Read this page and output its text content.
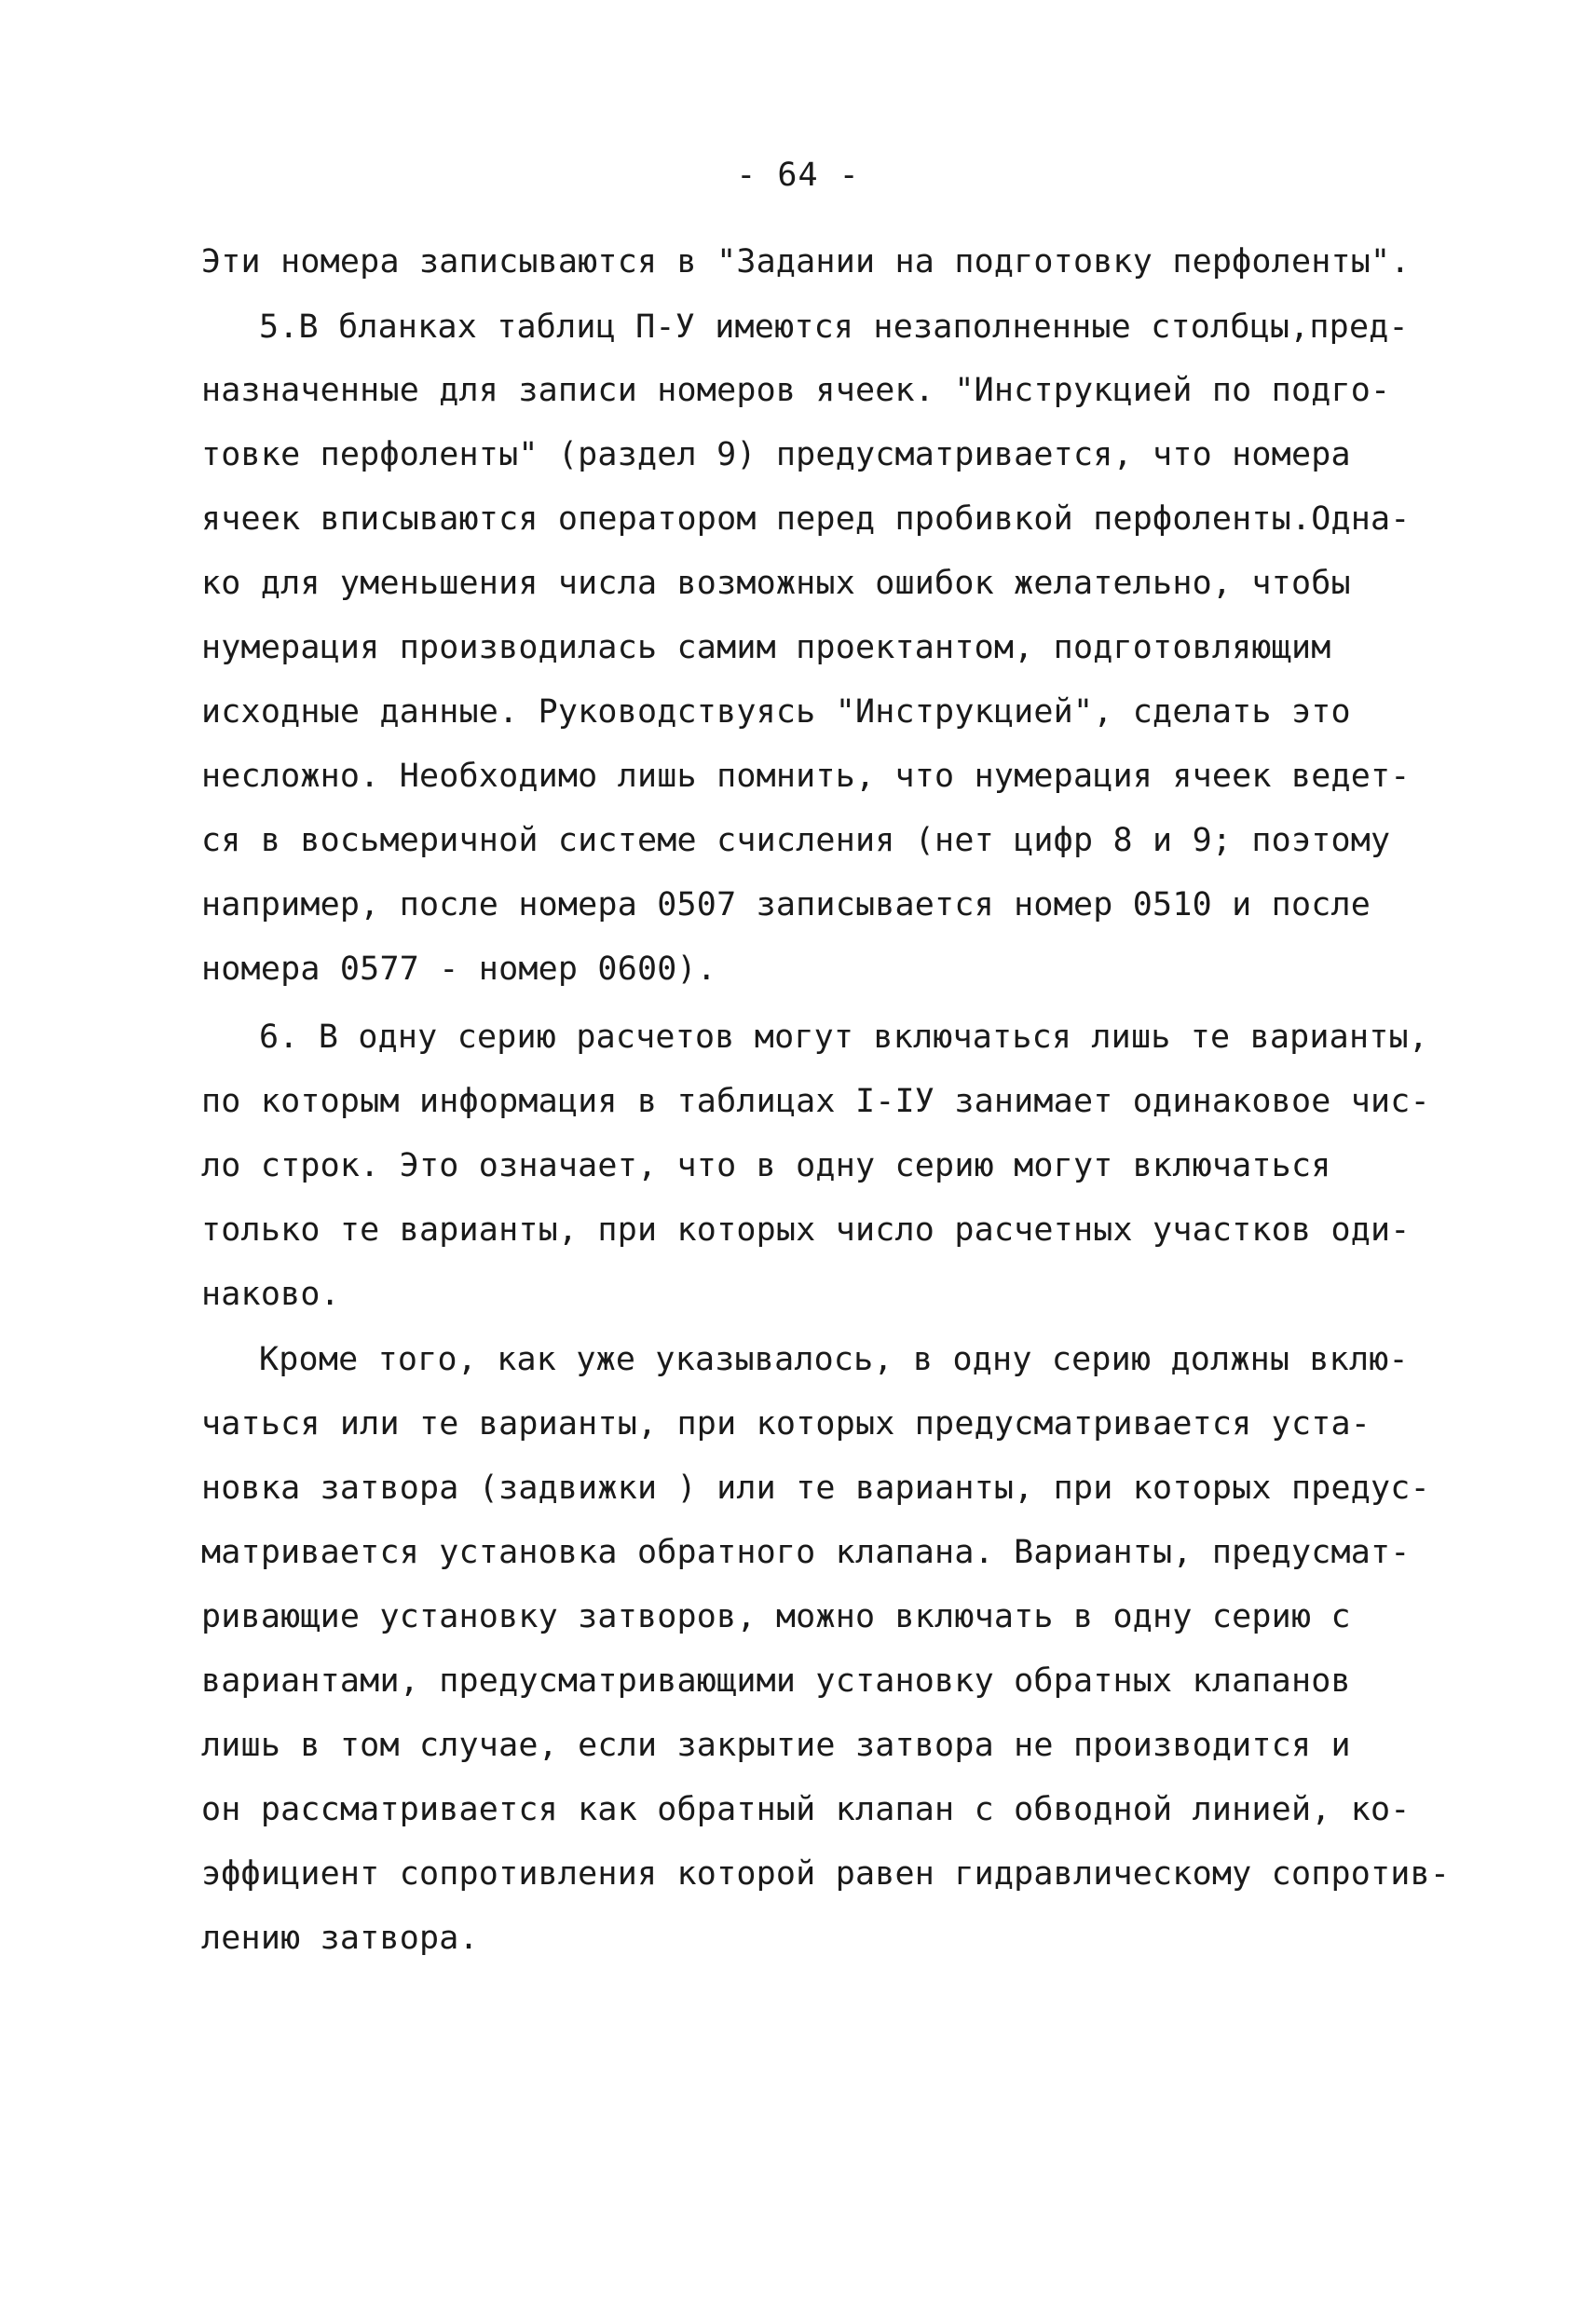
- 64 -
Эти номера записываются в "Задании на подготовку перфоленты".
5.В бланках таблиц П-У имеются незаполненные столбцы,пред-
назначенные для записи номеров ячеек. "Инструкцией по подго-
товке перфоленты" (раздел 9) предусматривается, что номера
ячеек вписываются оператором перед пробивкой перфоленты.Одна-
ко для уменьшения числа возможных ошибок желательно, чтобы
нумерация производилась самим проектантом, подготовляющим
исходные данные. Руководствуясь "Инструкцией", сделать это
несложно. Необходимо лишь помнить, что нумерация ячеек ведет-
ся в восьмеричной системе счисления (нет цифр 8 и 9; поэтому
например, после номера 0507 записывается номер 0510 и после
номера 0577 - номер 0600).
6. В одну серию расчетов могут включаться лишь те варианты,
по которым информация в таблицах I-IУ занимает одинаковое чис-
ло строк. Это означает, что в одну серию могут включаться
только те варианты, при которых число расчетных участков оди-
наково.
Кроме того, как уже указывалось, в одну серию должны вклю-
чаться или те варианты, при которых предусматривается уста-
новка затвора (задвижки ) или те варианты, при которых предус-
матривается установка обратного клапана. Варианты, предусмат-
ривающие установку затворов, можно включать в одну серию с
вариантами, предусматривающими установку обратных клапанов
лишь в том случае, если закрытие затвора не производится и
он рассматривается как обратный клапан с обводной линией, ко-
эффициент сопротивления которой равен гидравлическому сопротив-
лению затвора.
